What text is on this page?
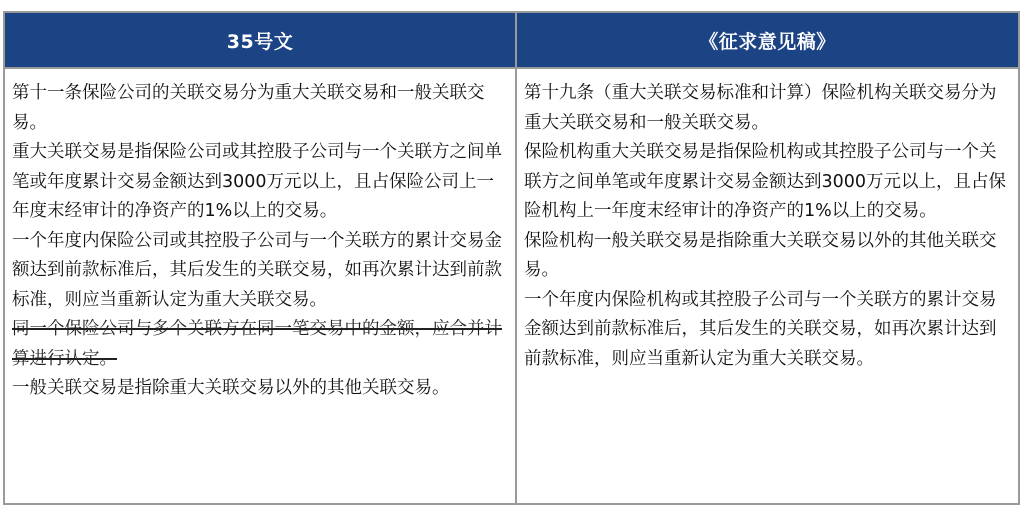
35号文	《征求意见稿》
第十一条保险公司的关联交易分为重大关联交易和一般关联交易。
重大关联交易是指保险公司或其控股子公司与一个关联方之间单笔或年度累计交易金额达到3000万元以上，且占保险公司上一年度末经审计的净资产的1%以上的交易。
一个年度内保险公司或其控股子公司与一个关联方的累计交易金额达到前款标准后，其后发生的关联交易，如再次累计达到前款标准，则应当重新认定为重大关联交易。
同一个保险公司与多个关联方在同一笔交易中的金额，应合并计算进行认定。
一般关联交易是指除重大关联交易以外的其他关联交易。
第十九条（重大关联交易标准和计算）保险机构关联交易分为重大关联交易和一般关联交易。
保险机构重大关联交易是指保险机构或其控股子公司与一个关联方之间单笔或年度累计交易金额达到3000万元以上，且占保险机构上一年度末经审计的净资产的1%以上的交易。
保险机构一般关联交易是指除重大关联交易以外的其他关联交易。
一个年度内保险机构或其控股子公司与一个关联方的累计交易金额达到前款标准后，其后发生的关联交易，如再次累计达到前款标准，则应当重新认定为重大关联交易。
